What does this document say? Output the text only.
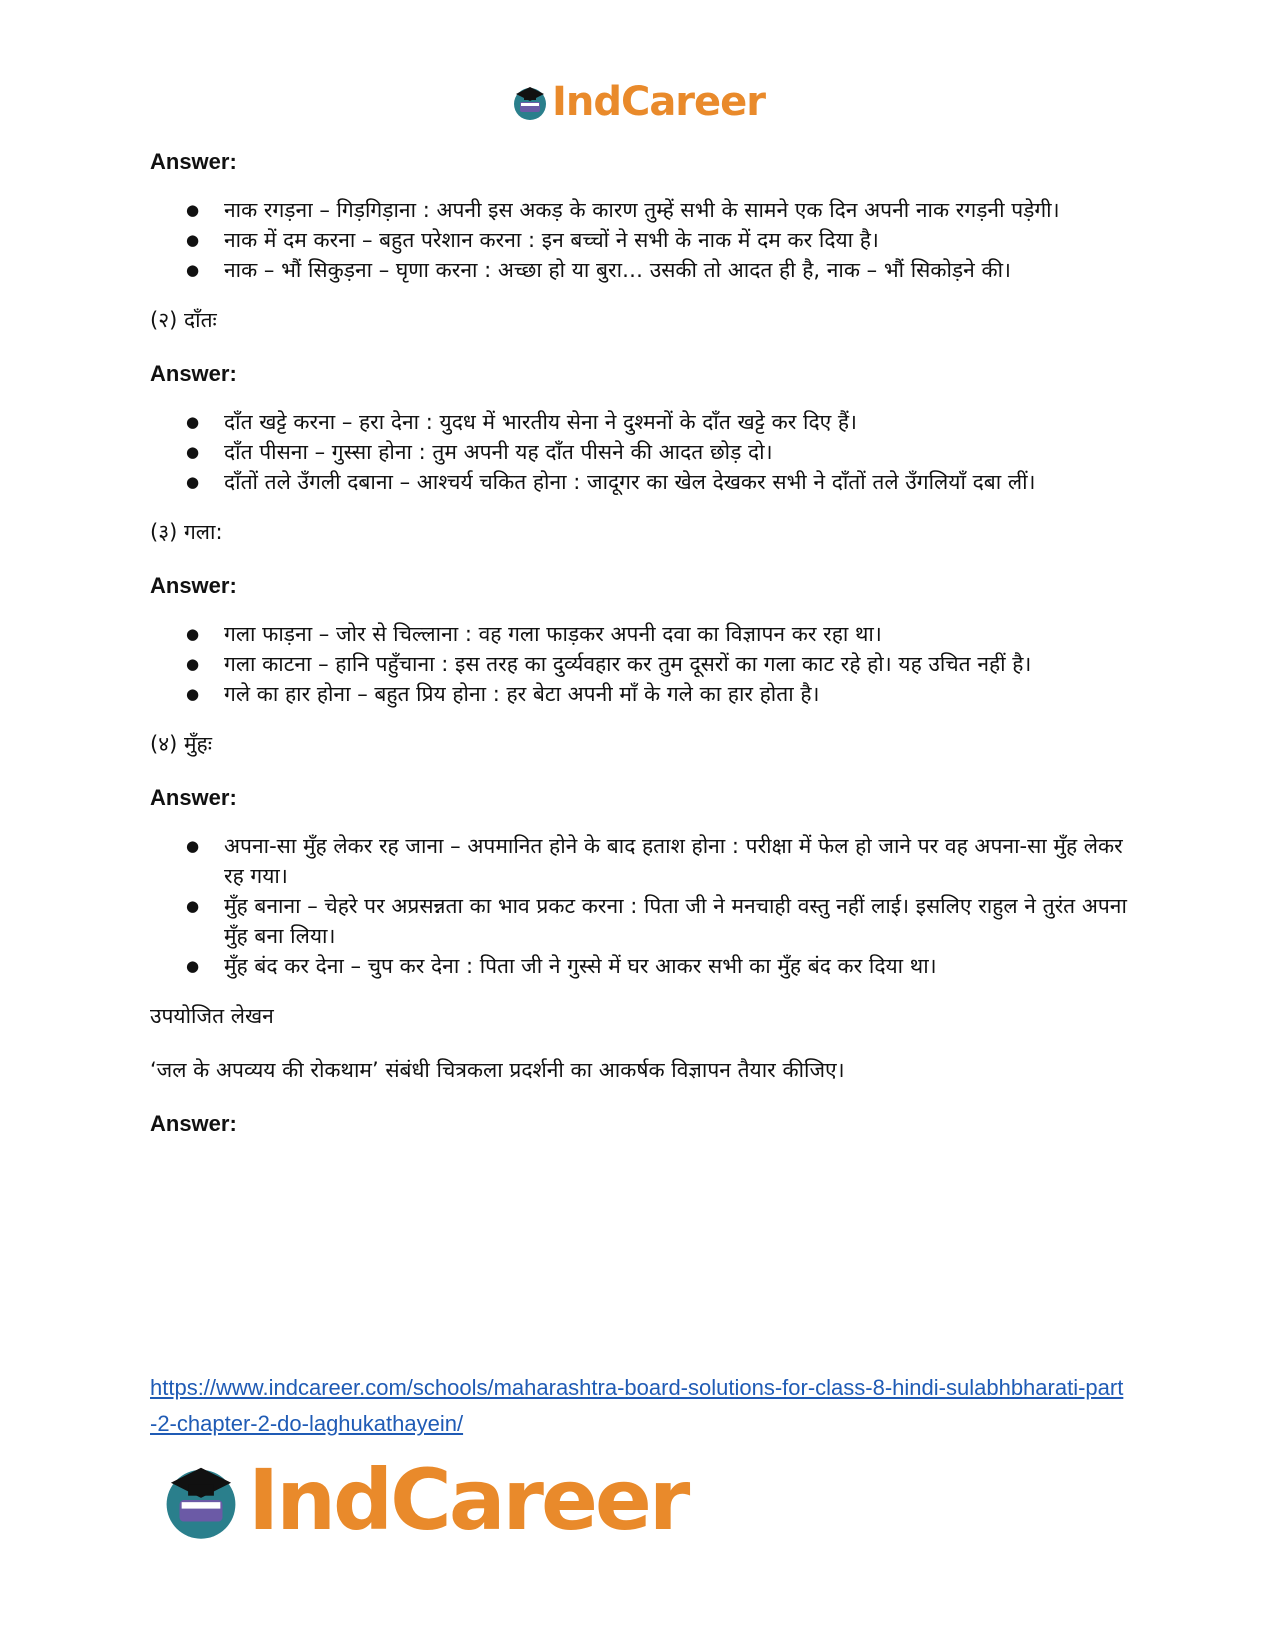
IndCareer

Answer:

● नाक रगड़ना – गिड़गिड़ाना : अपनी इस अकड़ के कारण तुम्हें सभी के सामने एक दिन अपनी नाक रगड़नी पड़ेगी।
● नाक में दम करना – बहुत परेशान करना : इन बच्चों ने सभी के नाक में दम कर दिया है।
● नाक – भौं सिकुड़ना – घृणा करना : अच्छा हो या बुरा… उसकी तो आदत ही है, नाक – भौं सिकोड़ने की।

(२) दाँतः

Answer:

● दाँत खट्टे करना – हरा देना : युदध में भारतीय सेना ने दुश्मनों के दाँत खट्टे कर दिए हैं।
● दाँत पीसना – गुस्सा होना : तुम अपनी यह दाँत पीसने की आदत छोड़ दो।
● दाँतों तले उँगली दबाना – आश्चर्य चकित होना : जादूगर का खेल देखकर सभी ने दाँतों तले उँगलियाँ दबा लीं।

(३) गला:

Answer:

● गला फाड़ना – जोर से चिल्लाना : वह गला फाड़कर अपनी दवा का विज्ञापन कर रहा था।
● गला काटना – हानि पहुँचाना : इस तरह का दुर्व्यवहार कर तुम दूसरों का गला काट रहे हो। यह उचित नहीं है।
● गले का हार होना – बहुत प्रिय होना : हर बेटा अपनी माँ के गले का हार होता है।

(४) मुँहः

Answer:

● अपना-सा मुँह लेकर रह जाना – अपमानित होने के बाद हताश होना : परीक्षा में फेल हो जाने पर वह अपना-सा मुँह लेकर रह गया।
● मुँह बनाना – चेहरे पर अप्रसन्नता का भाव प्रकट करना : पिता जी ने मनचाही वस्तु नहीं लाई। इसलिए राहुल ने तुरंत अपना मुँह बना लिया।
● मुँह बंद कर देना – चुप कर देना : पिता जी ने गुस्से में घर आकर सभी का मुँह बंद कर दिया था।

उपयोजित लेखन

‘जल के अपव्यय की रोकथाम’ संबंधी चित्रकला प्रदर्शनी का आकर्षक विज्ञापन तैयार कीजिए।

Answer:

https://www.indcareer.com/schools/maharashtra-board-solutions-for-class-8-hindi-sulabhbharati-part-2-chapter-2-do-laghukathayein/
IndCareer
